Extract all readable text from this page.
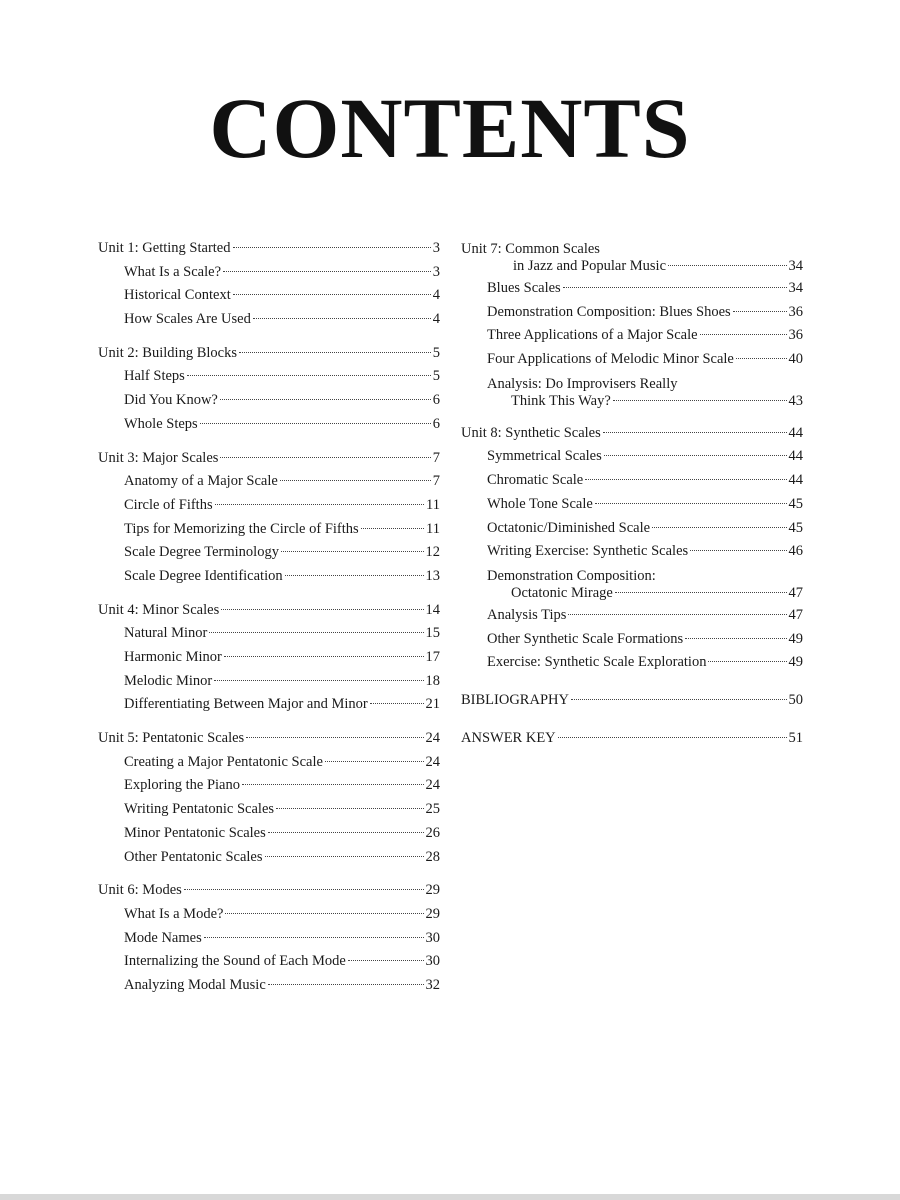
CONTENTS
Unit 1: Getting Started	3
What Is a Scale?	3
Historical Context	4
How Scales Are Used	4
Unit 2: Building Blocks	5
Half Steps	5
Did You Know?	6
Whole Steps	6
Unit 3: Major Scales	7
Anatomy of a Major Scale	7
Circle of Fifths	11
Tips for Memorizing the Circle of Fifths	11
Scale Degree Terminology	12
Scale Degree Identification	13
Unit 4: Minor Scales	14
Natural Minor	15
Harmonic Minor	17
Melodic Minor	18
Differentiating Between Major and Minor	21
Unit 5: Pentatonic Scales	24
Creating a Major Pentatonic Scale	24
Exploring the Piano	24
Writing Pentatonic Scales	25
Minor Pentatonic Scales	26
Other Pentatonic Scales	28
Unit 6: Modes	29
What Is a Mode?	29
Mode Names	30
Internalizing the Sound of Each Mode	30
Analyzing Modal Music	32
Unit 7: Common Scales
in Jazz and Popular Music	34
Blues Scales	34
Demonstration Composition: Blues Shoes	36
Three Applications of a Major Scale	36
Four Applications of Melodic Minor Scale	40
Analysis: Do Improvisers Really
Think This Way?	43
Unit 8: Synthetic Scales	44
Symmetrical Scales	44
Chromatic Scale	44
Whole Tone Scale	45
Octatonic/Diminished Scale	45
Writing Exercise: Synthetic Scales	46
Demonstration Composition:
Octatonic Mirage	47
Analysis Tips	47
Other Synthetic Scale Formations	49
Exercise: Synthetic Scale Exploration	49
BIBLIOGRAPHY	50
ANSWER KEY	51
